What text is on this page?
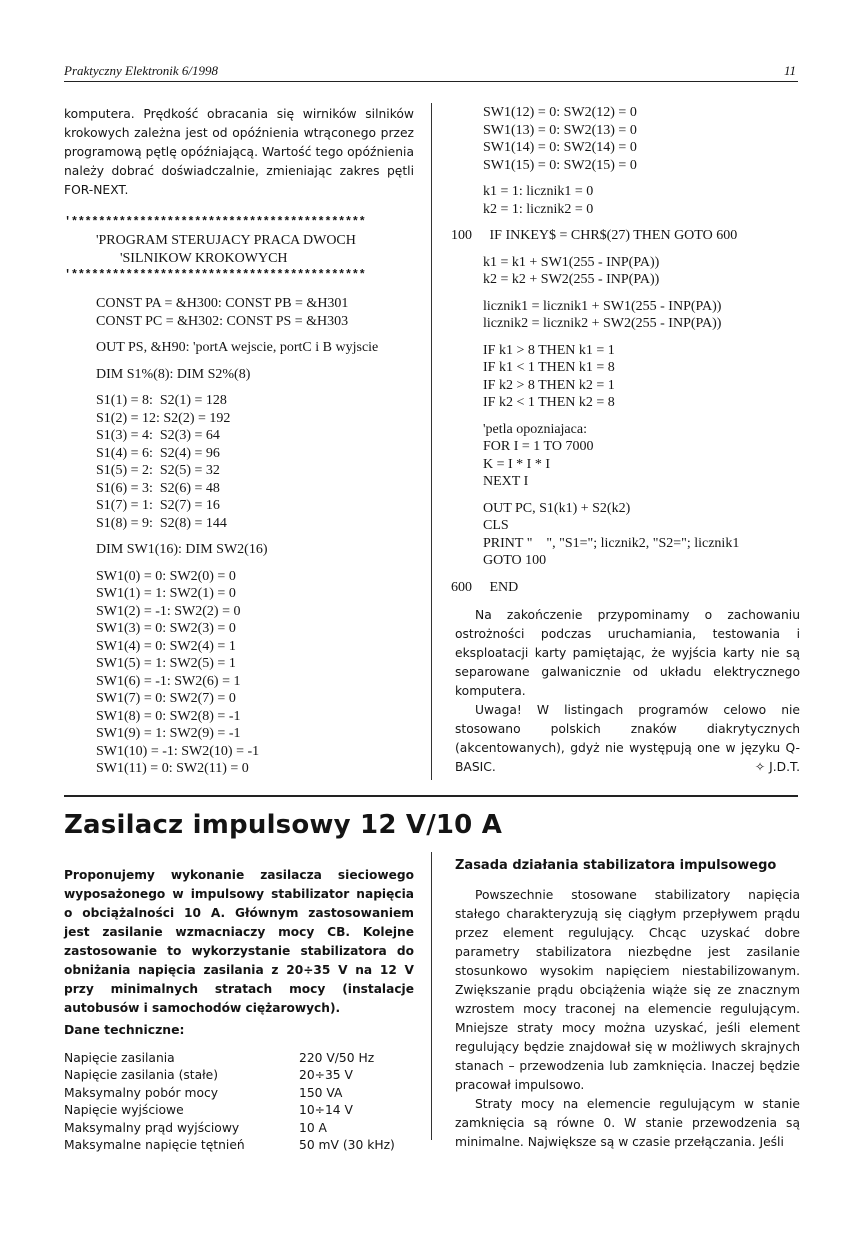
Praktyczny Elektronik 6/1998	11

komputera. Prędkość obracania się wirników silników krokowych zależna jest od opóźnienia wtrąconego przez programową pętlę opóźniającą. Wartość tego opóźnienia należy dobrać doświadczalnie, zmieniając zakres pętli FOR-NEXT.

'*******************************************
'PROGRAM STERUJACY PRACA DWOCH
'SILNIKOW KROKOWYCH
'*******************************************
CONST PA = &H300: CONST PB = &H301
CONST PC = &H302: CONST PS = &H303
OUT PS, &H90: 'portA wejscie, portC i B wyjscie
DIM S1%(8): DIM S2%(8)
S1(1) = 8:  S2(1) = 128
S1(2) = 12: S2(2) = 192
S1(3) = 4:  S2(3) = 64
S1(4) = 6:  S2(4) = 96
S1(5) = 2:  S2(5) = 32
S1(6) = 3:  S2(6) = 48
S1(7) = 1:  S2(7) = 16
S1(8) = 9:  S2(8) = 144
DIM SW1(16): DIM SW2(16)
SW1(0) = 0: SW2(0) = 0
SW1(1) = 1: SW2(1) = 0
SW1(2) = -1: SW2(2) = 0
SW1(3) = 0: SW2(3) = 0
SW1(4) = 0: SW2(4) = 1
SW1(5) = 1: SW2(5) = 1
SW1(6) = -1: SW2(6) = 1
SW1(7) = 0: SW2(7) = 0
SW1(8) = 0: SW2(8) = -1
SW1(9) = 1: SW2(9) = -1
SW1(10) = -1: SW2(10) = -1
SW1(11) = 0: SW2(11) = 0
SW1(12) = 0: SW2(12) = 0
SW1(13) = 0: SW2(13) = 0
SW1(14) = 0: SW2(14) = 0
SW1(15) = 0: SW2(15) = 0
k1 = 1: licznik1 = 0
k2 = 1: licznik2 = 0
100     IF INKEY$ = CHR$(27) THEN GOTO 600
k1 = k1 + SW1(255 - INP(PA))
k2 = k2 + SW2(255 - INP(PA))
licznik1 = licznik1 + SW1(255 - INP(PA))
licznik2 = licznik2 + SW2(255 - INP(PA))
IF k1 > 8 THEN k1 = 1
IF k1 < 1 THEN k1 = 8
IF k2 > 8 THEN k2 = 1
IF k2 < 1 THEN k2 = 8
'petla opozniajaca:
FOR I = 1 TO 7000
K = I * I * I
NEXT I
OUT PC, S1(k1) + S2(k2)
CLS
PRINT "    ", "S1="; licznik2, "S2="; licznik1
GOTO 100
600     END

Na zakończenie przypominamy o zachowaniu ostrożności podczas uruchamiania, testowania i eksploatacji karty pamiętając, że wyjścia karty nie są separowane galwanicznie od układu elektrycznego komputera.

Uwaga! W listingach programów celowo nie stosowano polskich znaków diakrytycznych (akcentowanych), gdyż nie występują one w języku Q-BASIC.	✧ J.D.T.
Zasilacz impulsowy 12 V/10 A

Proponujemy wykonanie zasilacza sieciowego wyposażonego w impulsowy stabilizator napięcia o obciążalności 10 A. Głównym zastosowaniem jest zasilanie wzmacniaczy mocy CB. Kolejne zastosowanie to wykorzystanie stabilizatora do obniżania napięcia zasilania z 20÷35 V na 12 V przy minimalnych stratach mocy (instalacje autobusów i samochodów ciężarowych).

Dane techniczne:
Napięcie zasilania	220 V/50 Hz
Napięcie zasilania (stałe)	20÷35 V
Maksymalny pobór mocy	150 VA
Napięcie wyjściowe	10÷14 V
Maksymalny prąd wyjściowy	10 A
Maksymalne napięcie tętnień	50 mV (30 kHz)
Zasada działania stabilizatora impulsowego

Powszechnie stosowane stabilizatory napięcia stałego charakteryzują się ciągłym przepływem prądu przez element regulujący. Chcąc uzyskać dobre parametry stabilizatora niezbędne jest zasilanie stosunkowo wysokim napięciem niestabilizowanym. Zwiększanie prądu obciążenia wiąże się ze znacznym wzrostem mocy traconej na elemencie regulującym. Mniejsze straty mocy można uzyskać, jeśli element regulujący będzie znajdował się w możliwych skrajnych stanach – przewodzenia lub zamknięcia. Inaczej będzie pracował impulsowo.

Straty mocy na elemencie regulującym w stanie zamknięcia są równe 0. W stanie przewodzenia są minimalne. Największe są w czasie przełączania. Jeśli
